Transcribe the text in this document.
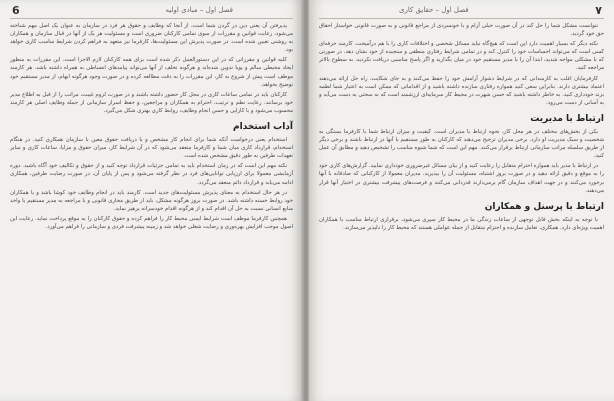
6	فصل اول – مبادی اولیه

پذیرفتن آن یعنی دین در گردن شما است. از آنجا که وظایف و حقوق هر فرد در سازمان به عنوان یک اصل مهم شناخته می‌شود، رعایت قوانین و مقررات از سوی تمامی کارکنان ضروری است و مسئولیت هر یک از آنها در قبال سازمان و همکاران به روشنی تعیین شده است. در صورت پذیرش این مسئولیت‌ها، کارفرما نیز متعهد به فراهم کردن شرایط مناسب کاری خواهد بود.

کلیه قوانین و مقرراتی که در این دستورالعمل ذکر شده است برای همه کارکنان لازم الاجرا است. این مقررات به منظور ایجاد محیطی سالم و پویا تدوین شده‌اند و هرگونه تخلف از آنها می‌تواند پیامدهای انضباطی به همراه داشته باشد. هر کارمند موظف است پیش از شروع به کار، این مقررات را به دقت مطالعه کرده و در صورت وجود هرگونه ابهام، از مدیر مستقیم خود توضیح بخواهد.

کارکنان باید در تمامی ساعات کاری در محل کار حضور داشته باشند و در صورت لزوم غیبت، مراتب را از قبل به اطلاع مدیر خود برسانند. رعایت نظم و ترتیب، احترام به همکاران و مراجعین، و حفظ اسرار سازمانی از جمله وظایف اصلی هر کارمند محسوب می‌شود و با کارایی و حسن انجام وظایف، روابط کاری بهتری شکل می‌گیرد.

آداب استخدام

استخدام یعنی درخواست آنکه شما برای انجام کار مشخص و با دریافت حقوق معین با سازمان همکاری کنید. در هنگام استخدام، قرارداد کاری میان شما و کارفرما منعقد می‌شود که در آن شرایط کار، میزان حقوق و مزایا، ساعات کاری و سایر تعهدات طرفین به طور دقیق مشخص شده است.

نکته مهم این است که در زمان استخدام باید به تمامی جزئیات قرارداد توجه کنید و از حقوق و تکالیف خود آگاه باشید. دوره آزمایشی معمولا برای ارزیابی توانایی‌های فرد در نظر گرفته می‌شود و پس از پایان آن، در صورت رضایت طرفین، همکاری ادامه می‌یابد و قرارداد دائم منعقد می‌گردد.

در هر حال استخدام به معنای پذیرش مسئولیت‌های جدید است. کارمند باید در انجام وظایف خود کوشا باشد و با همکاران خود روابط حسنه داشته باشد. در صورت بروز هرگونه مشکل، باید از طریق مجاری قانونی و با مراجعه به مدیر مستقیم یا واحد منابع انسانی نسبت به حل آن اقدام کند و از هرگونه اقدام خودسرانه پرهیز نماید.

همچنین کارفرما موظف است شرایط ایمنی محیط کار را فراهم کرده و حقوق کارکنان را به موقع پرداخت نماید. رعایت این اصول موجب افزایش بهره‌وری و رضایت شغلی خواهد شد و زمینه پیشرفت فردی و سازمانی را فراهم می‌آورد.

۷
فصل اول – حقایق کاری

نتوانست مشکل شما را حل کند در آن صورت خیلی آرام و با خونسردی از مراجع قانونی و به صورت قانونی خواستار احقاق حق خود گردید.

نکته دیگر که بسیار اهمیت دارد این است که هیچ‌گاه نباید مسائل شخصی و اختلافات کاری را با هم درآمیخت. کارمند حرفه‌ای کسی است که می‌تواند احساسات خود را کنترل کند و در تمامی شرایط رفتاری منطقی و سنجیده از خود نشان دهد. در صورتی که با مشکلی مواجه شدید، ابتدا آن را با مدیر مستقیم خود در میان بگذارید و اگر پاسخ مناسبی دریافت نکردید، به سطوح بالاتر مراجعه کنید.

کارفرمایان اغلب به کارمندانی که در شرایط دشوار آرامش خود را حفظ می‌کنند و به جای شکایت، راه حل ارائه می‌دهند اعتماد بیشتری دارند. بنابراین سعی کنید همواره رفتاری سازنده داشته باشید و از اقداماتی که ممکن است به اعتبار شما لطمه بزند خودداری کنید. به خاطر داشته باشید که حسن شهرت در محیط کار سرمایه‌ای ارزشمند است که به سختی به دست می‌آید و به آسانی از دست می‌رود.

ارتباط با مدیریت

یکی از بخش‌های مختلف در هر محل کار، نحوه ارتباط با مدیران است. کیفیت و میزان ارتباط شما با کارفرما بستگی به شخصیت و سبک مدیریت او دارد. برخی مدیران ترجیح می‌دهند که کارکنان به طور مستقیم با آنها در ارتباط باشند و برخی دیگر از طریق سلسله مراتب سازمانی ارتباط برقرار می‌کنند. مهم این است که شما شیوه مناسب را تشخیص دهید و مطابق آن عمل کنید.

در ارتباط با مدیر باید همواره احترام متقابل را رعایت کنید و از بیان مسائل غیرضروری خودداری نمایید. گزارش‌های کاری خود را به موقع و دقیق ارائه دهید و در صورت بروز اشتباه، مسئولیت آن را بپذیرید. مدیران معمولا از کارکنانی که صادقانه با آنها برخورد می‌کنند و در جهت اهداف سازمان گام برمی‌دارند قدردانی می‌کنند و فرصت‌های پیشرفت بیشتری در اختیار آنها قرار می‌دهند.

ارتباط با پرسنل و همکاران

با توجه به اینکه بخش قابل توجهی از ساعات زندگی ما در محیط کار سپری می‌شود، برقراری ارتباط مناسب با همکاران اهمیت ویژه‌ای دارد. همکاری، تعامل سازنده و احترام متقابل از جمله عواملی هستند که محیط کار را دلپذیر می‌سازند.
